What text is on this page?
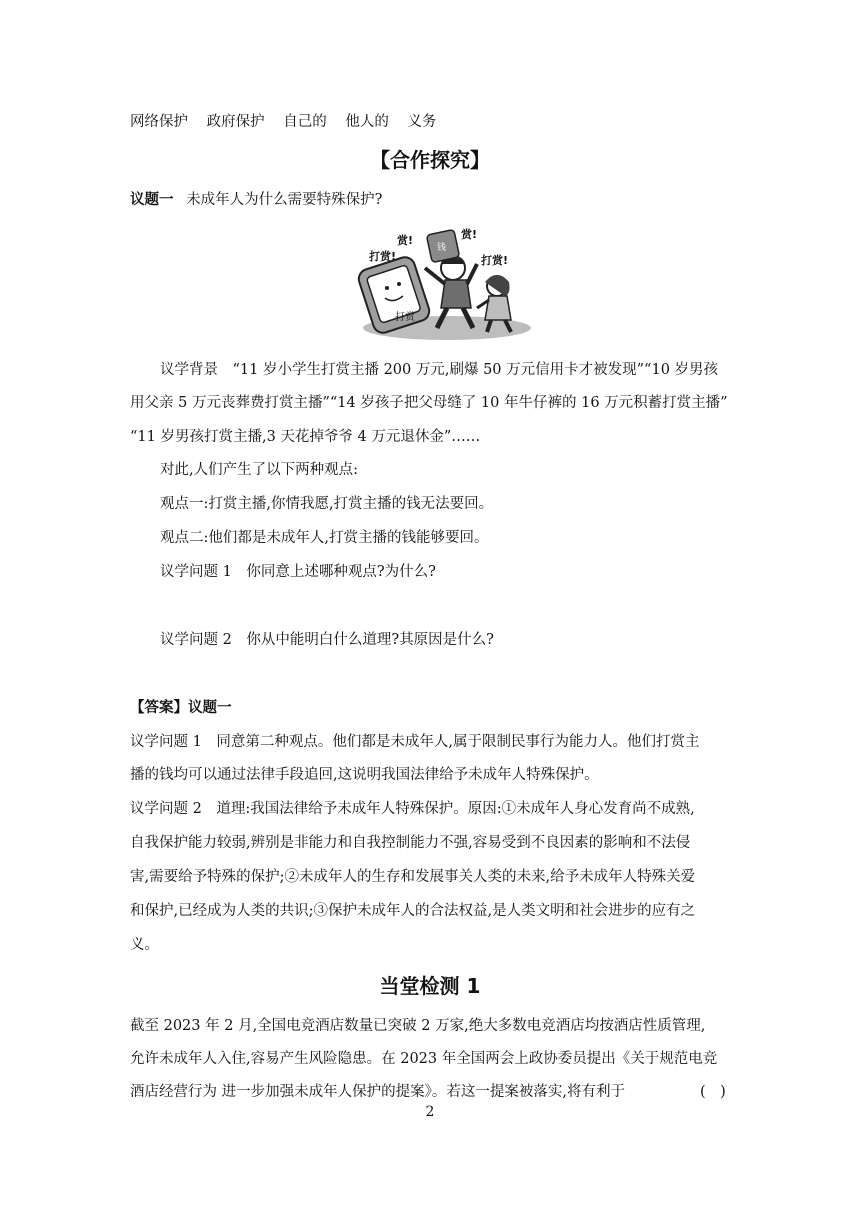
网络保护 政府保护 自己的 他人的 义务
【合作探究】
议题一 未成年人为什么需要特殊保护?
钱
赏!	赏!
打赏!	打赏!
打赏
议学背景　“11 岁小学生打赏主播 200 万元,刷爆 50 万元信用卡才被发现”“10 岁男孩
用父亲 5 万元丧葬费打赏主播”“14 岁孩子把父母缝了 10 年牛仔裤的 16 万元积蓄打赏主播”
“11 岁男孩打赏主播,3 天花掉爷爷 4 万元退休金”……
对此,人们产生了以下两种观点:
观点一:打赏主播,你情我愿,打赏主播的钱无法要回。
观点二:他们都是未成年人,打赏主播的钱能够要回。
议学问题 1　你同意上述哪种观点?为什么?
议学问题 2　你从中能明白什么道理?其原因是什么?
【答案】议题一
议学问题 1　同意第二种观点。他们都是未成年人,属于限制民事行为能力人。他们打赏主
播的钱均可以通过法律手段追回,这说明我国法律给予未成年人特殊保护。
议学问题 2　道理:我国法律给予未成年人特殊保护。原因:①未成年人身心发育尚不成熟,
自我保护能力较弱,辨别是非能力和自我控制能力不强,容易受到不良因素的影响和不法侵
害,需要给予特殊的保护;②未成年人的生存和发展事关人类的未来,给予未成年人特殊关爱
和保护,已经成为人类的共识;③保护未成年人的合法权益,是人类文明和社会进步的应有之
义。
当堂检测 1
截至 2023 年 2 月,全国电竞酒店数量已突破 2 万家,绝大多数电竞酒店均按酒店性质管理,
允许未成年人入住,容易产生风险隐患。在 2023 年全国两会上政协委员提出《关于规范电竞
酒店经营行为 进一步加强未成年人保护的提案》。若这一提案被落实,将有利于	(　)
2
